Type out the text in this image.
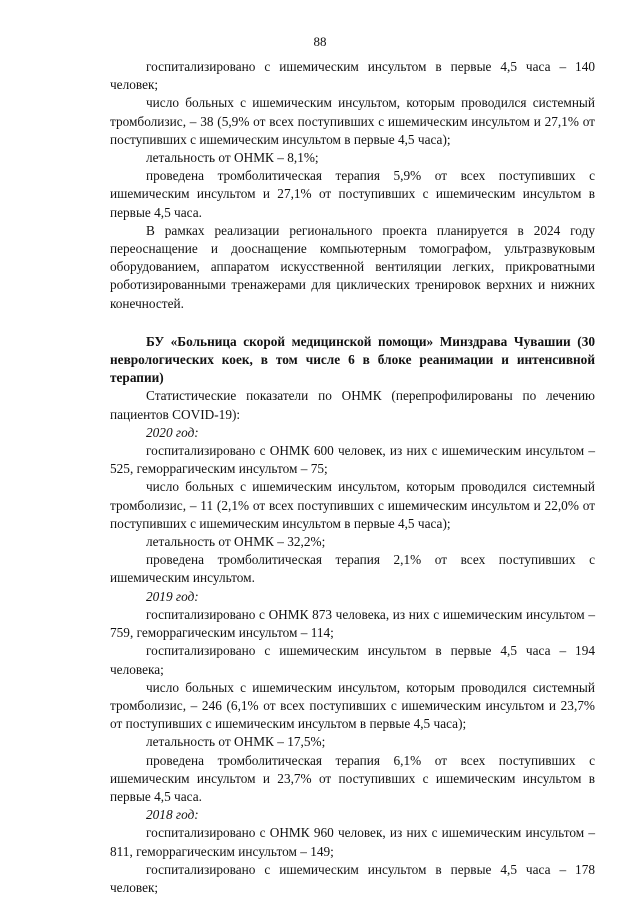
88

госпитализировано с ишемическим инсультом в первые 4,5 часа – 140 человек;

число больных с ишемическим инсультом, которым проводился системный тромболизис, – 38 (5,9% от всех поступивших с ишемическим инсультом и 27,1% от поступивших с ишемическим инсультом в первые 4,5 часа);

летальность от ОНМК – 8,1%;

проведена тромболитическая терапия 5,9% от всех поступивших с ишемическим инсультом и 27,1% от поступивших с ишемическим инсультом в первые 4,5 часа.

В рамках реализации регионального проекта планируется в 2024 году переоснащение и дооснащение компьютерным томографом, ультразвуковым оборудованием, аппаратом искусственной вентиляции легких, прикроватными роботизированными тренажерами для циклических тренировок верхних и нижних конечностей.

БУ «Больница скорой медицинской помощи» Минздрава Чувашии (30 неврологических коек, в том числе 6 в блоке реанимации и интенсивной терапии)

Статистические показатели по ОНМК (перепрофилированы по лечению пациентов COVID-19):

2020 год:

госпитализировано с ОНМК 600 человек, из них с ишемическим инсультом – 525, геморрагическим инсультом – 75;

число больных с ишемическим инсультом, которым проводился системный тромболизис, – 11 (2,1% от всех поступивших с ишемическим инсультом и 22,0% от поступивших с ишемическим инсультом в первые 4,5 часа);

летальность от ОНМК – 32,2%;

проведена тромболитическая терапия 2,1% от всех поступивших с ишемическим инсультом.

2019 год:

госпитализировано с ОНМК 873 человека, из них с ишемическим инсультом – 759, геморрагическим инсультом – 114;

госпитализировано с ишемическим инсультом в первые 4,5 часа – 194 человека;

число больных с ишемическим инсультом, которым проводился системный тромболизис, – 246 (6,1% от всех поступивших с ишемическим инсультом и 23,7% от поступивших с ишемическим инсультом в первые 4,5 часа);

летальность от ОНМК – 17,5%;

проведена тромболитическая терапия 6,1% от всех поступивших с ишемическим инсультом и 23,7% от поступивших с ишемическим инсультом в первые 4,5 часа.

2018 год:

госпитализировано с ОНМК 960 человек, из них с ишемическим инсультом – 811, геморрагическим инсультом – 149;

госпитализировано с ишемическим инсультом в первые 4,5 часа – 178 человек;
